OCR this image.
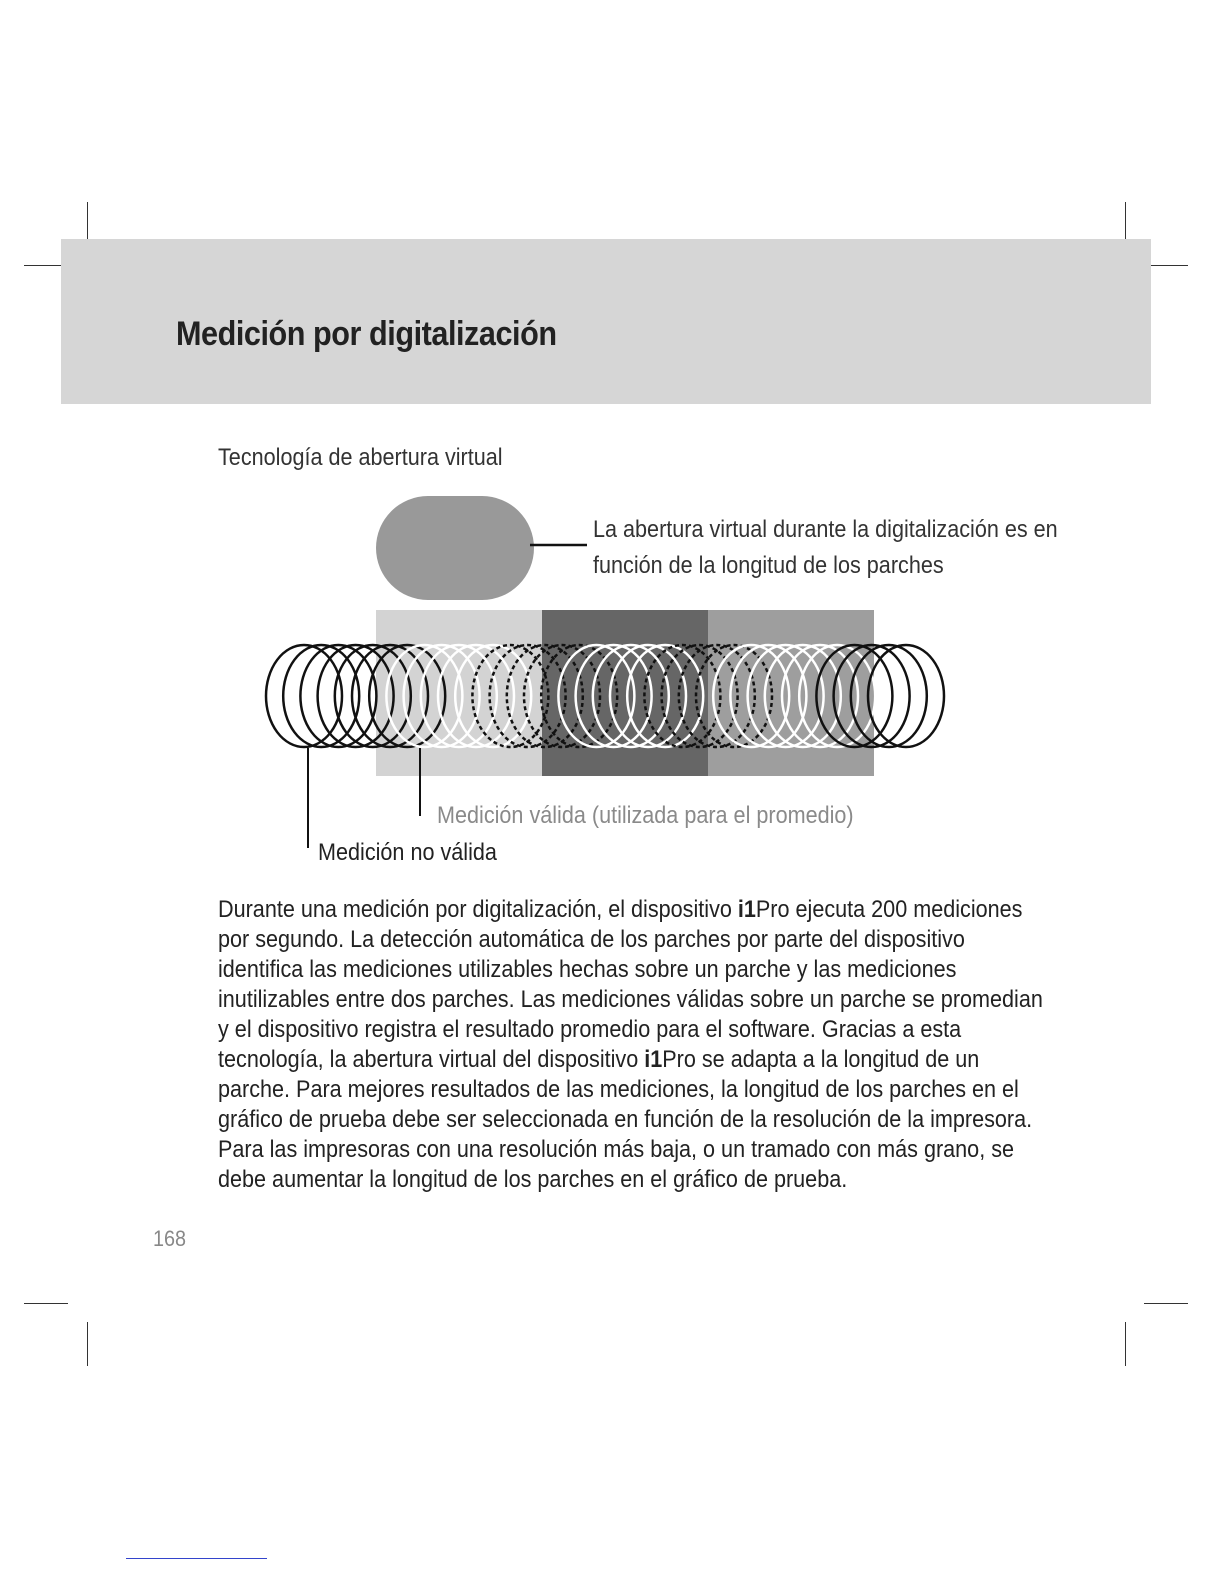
Medición por digitalización
Tecnología de abertura virtual
La abertura virtual durante la digitalización es en
función de la longitud de los parches
Medición válida (utilizada para el promedio)
Medición no válida
Durante una medición por digitalización, el dispositivo i1Pro ejecuta 200 mediciones por segundo. La detección automática de los parches por parte del dispositivo identifica las mediciones utilizables hechas sobre un parche y las mediciones inutilizables entre dos parches. Las mediciones válidas sobre un parche se promedian y el dispositivo registra el resultado promedio para el software. Gracias a esta tecnología, la abertura virtual del dispositivo i1Pro se adapta a la longitud de un parche. Para mejores resultados de las mediciones, la longitud de los parches en el gráfico de prueba debe ser seleccionada en función de la resolución de la impresora. Para las impresoras con una resolución más baja, o un tramado con más grano, se debe aumentar la longitud de los parches en el gráfico de prueba.
168
